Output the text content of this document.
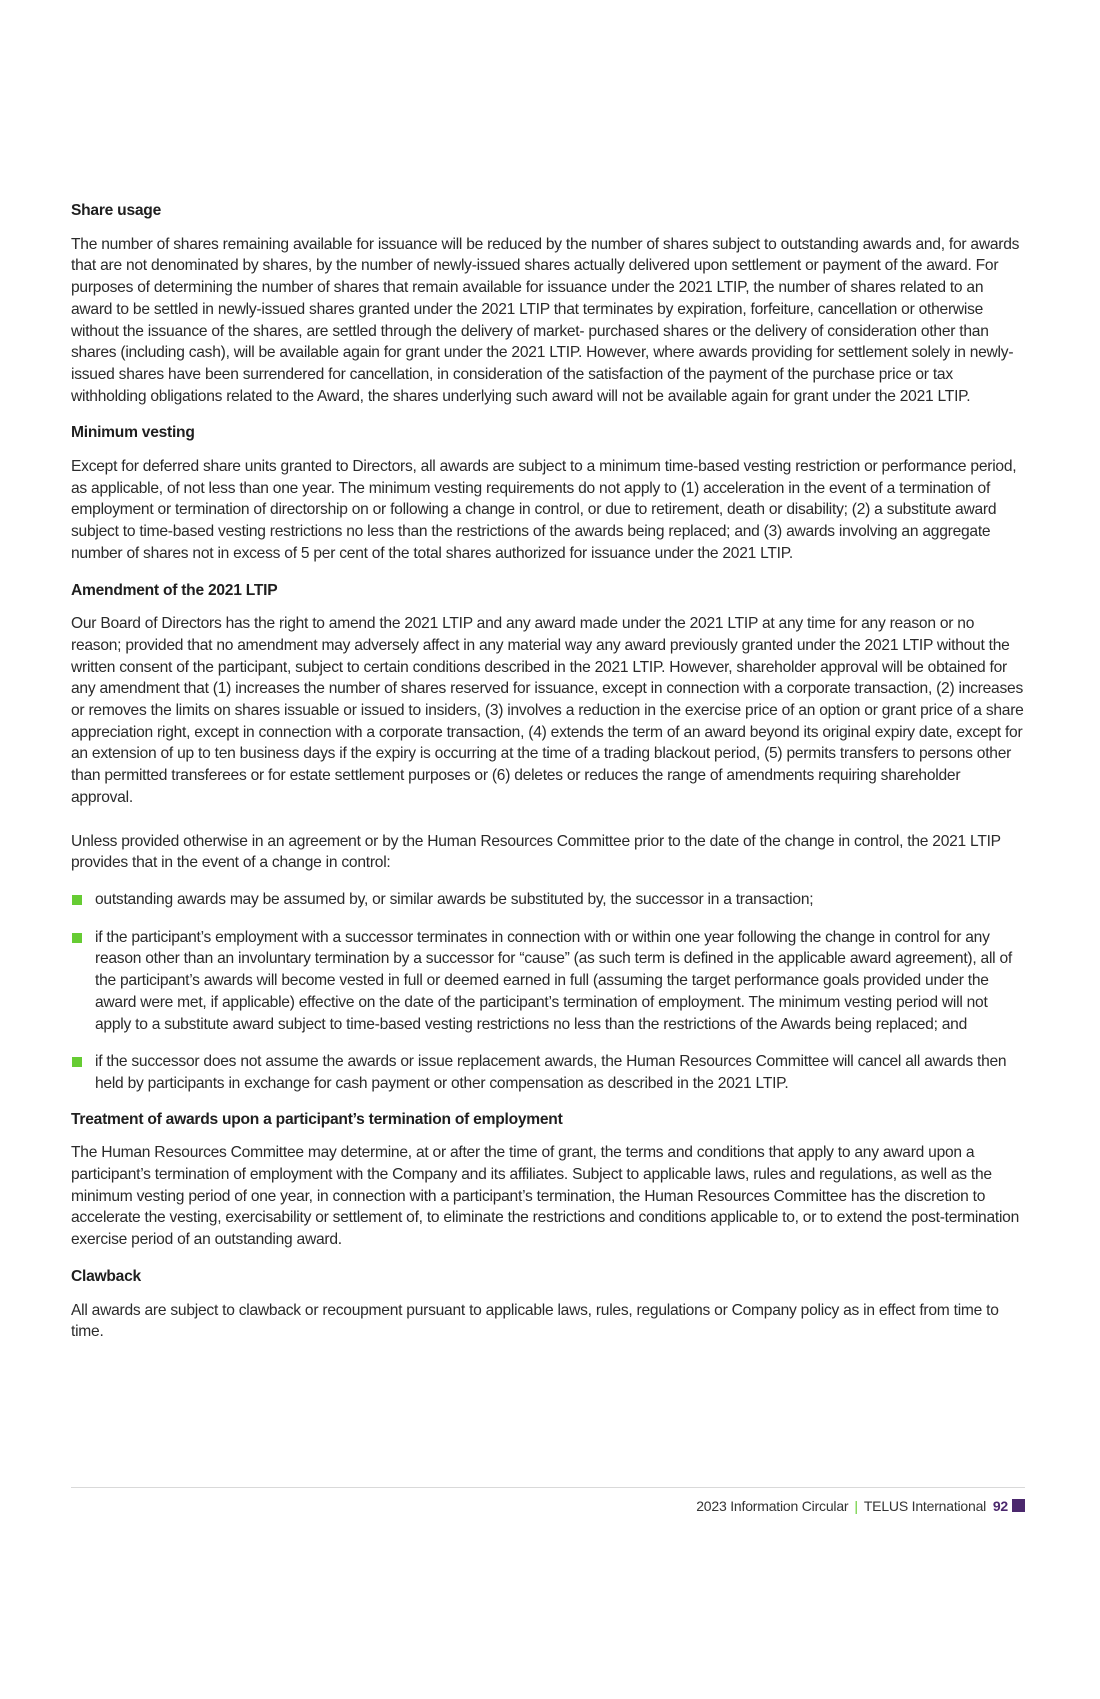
Share usage

The number of shares remaining available for issuance will be reduced by the number of shares subject to outstanding awards and, for awards that are not denominated by shares, by the number of newly-issued shares actually delivered upon settlement or payment of the award. For purposes of determining the number of shares that remain available for issuance under the 2021 LTIP, the number of shares related to an award to be settled in newly-issued shares granted under the 2021 LTIP that terminates by expiration, forfeiture, cancellation or otherwise without the issuance of the shares, are settled through the delivery of market- purchased shares or the delivery of consideration other than shares (including cash), will be available again for grant under the 2021 LTIP. However, where awards providing for settlement solely in newly-issued shares have been surrendered for cancellation, in consideration of the satisfaction of the payment of the purchase price or tax withholding obligations related to the Award, the shares underlying such award will not be available again for grant under the 2021 LTIP.

Minimum vesting

Except for deferred share units granted to Directors, all awards are subject to a minimum time-based vesting restriction or performance period, as applicable, of not less than one year. The minimum vesting requirements do not apply to (1) acceleration in the event of a termination of employment or termination of directorship on or following a change in control, or due to retirement, death or disability; (2) a substitute award subject to time-based vesting restrictions no less than the restrictions of the awards being replaced; and (3) awards involving an aggregate number of shares not in excess of 5 per cent of the total shares authorized for issuance under the 2021 LTIP.

Amendment of the 2021 LTIP

Our Board of Directors has the right to amend the 2021 LTIP and any award made under the 2021 LTIP at any time for any reason or no reason; provided that no amendment may adversely affect in any material way any award previously granted under the 2021 LTIP without the written consent of the participant, subject to certain conditions described in the 2021 LTIP. However, shareholder approval will be obtained for any amendment that (1) increases the number of shares reserved for issuance, except in connection with a corporate transaction, (2) increases or removes the limits on shares issuable or issued to insiders, (3) involves a reduction in the exercise price of an option or grant price of a share appreciation right, except in connection with a corporate transaction, (4) extends the term of an award beyond its original expiry date, except for an extension of up to ten business days if the expiry is occurring at the time of a trading blackout period, (5) permits transfers to persons other than permitted transferees or for estate settlement purposes or (6) deletes or reduces the range of amendments requiring shareholder approval.

Unless provided otherwise in an agreement or by the Human Resources Committee prior to the date of the change in control, the 2021 LTIP provides that in the event of a change in control:

outstanding awards may be assumed by, or similar awards be substituted by, the successor in a transaction;
if the participant’s employment with a successor terminates in connection with or within one year following the change in control for any reason other than an involuntary termination by a successor for “cause” (as such term is defined in the applicable award agreement), all of the participant’s awards will become vested in full or deemed earned in full (assuming the target performance goals provided under the award were met, if applicable) effective on the date of the participant’s termination of employment. The minimum vesting period will not apply to a substitute award subject to time-based vesting restrictions no less than the restrictions of the Awards being replaced; and
if the successor does not assume the awards or issue replacement awards, the Human Resources Committee will cancel all awards then held by participants in exchange for cash payment or other compensation as described in the 2021 LTIP.
Treatment of awards upon a participant’s termination of employment

The Human Resources Committee may determine, at or after the time of grant, the terms and conditions that apply to any award upon a participant’s termination of employment with the Company and its affiliates. Subject to applicable laws, rules and regulations, as well as the minimum vesting period of one year, in connection with a participant’s termination, the Human Resources Committee has the discretion to accelerate the vesting, exercisability or settlement of, to eliminate the restrictions and conditions applicable to, or to extend the post-termination exercise period of an outstanding award.

Clawback

All awards are subject to clawback or recoupment pursuant to applicable laws, rules, regulations or Company policy as in effect from time to time.

2023 Information Circular | TELUS International 92
